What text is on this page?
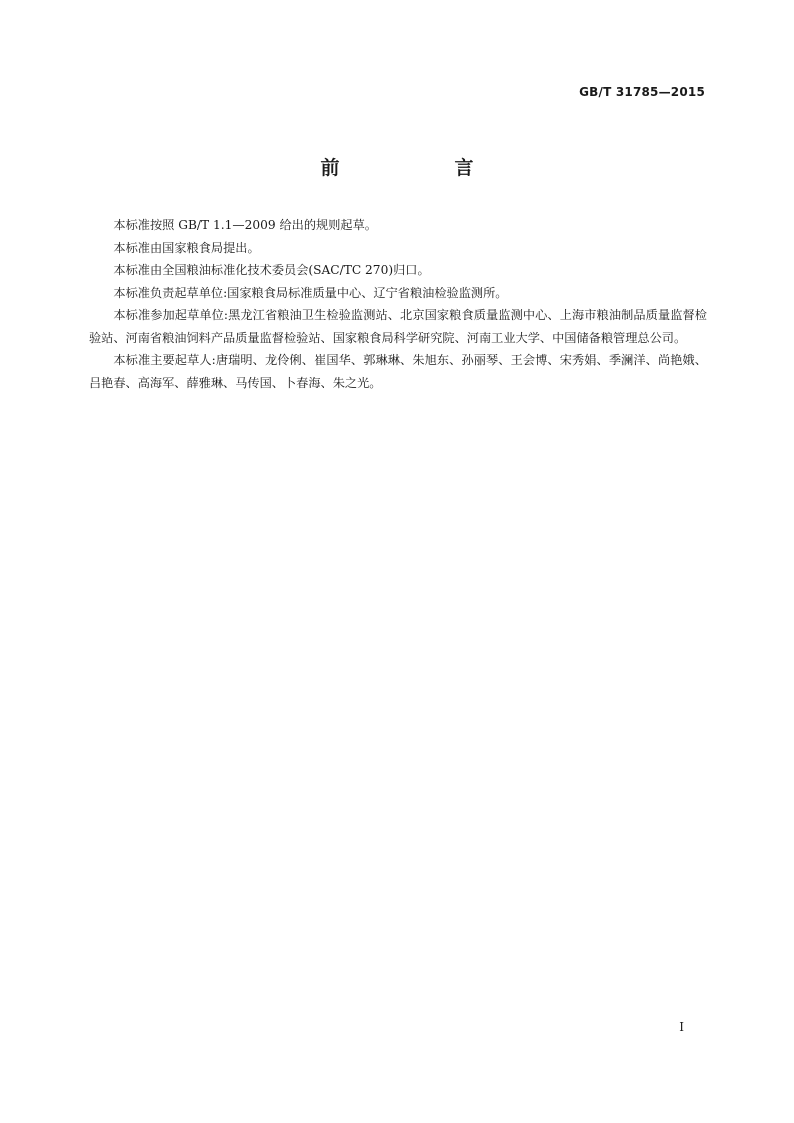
GB/T 31785—2015
前　言

本标准按照 GB/T 1.1—2009 给出的规则起草。

本标准由国家粮食局提出。

本标准由全国粮油标准化技术委员会(SAC/TC 270)归口。

本标准负责起草单位:国家粮食局标准质量中心、辽宁省粮油检验监测所。

本标准参加起草单位:黑龙江省粮油卫生检验监测站、北京国家粮食质量监测中心、上海市粮油制品质量监督检验站、河南省粮油饲料产品质量监督检验站、国家粮食局科学研究院、河南工业大学、中国储备粮管理总公司。

本标准主要起草人:唐瑞明、龙伶俐、崔国华、郭琳琳、朱旭东、孙丽琴、王会博、宋秀娟、季澜洋、尚艳娥、吕艳春、高海军、薛雅琳、马传国、卜春海、朱之光。

I
